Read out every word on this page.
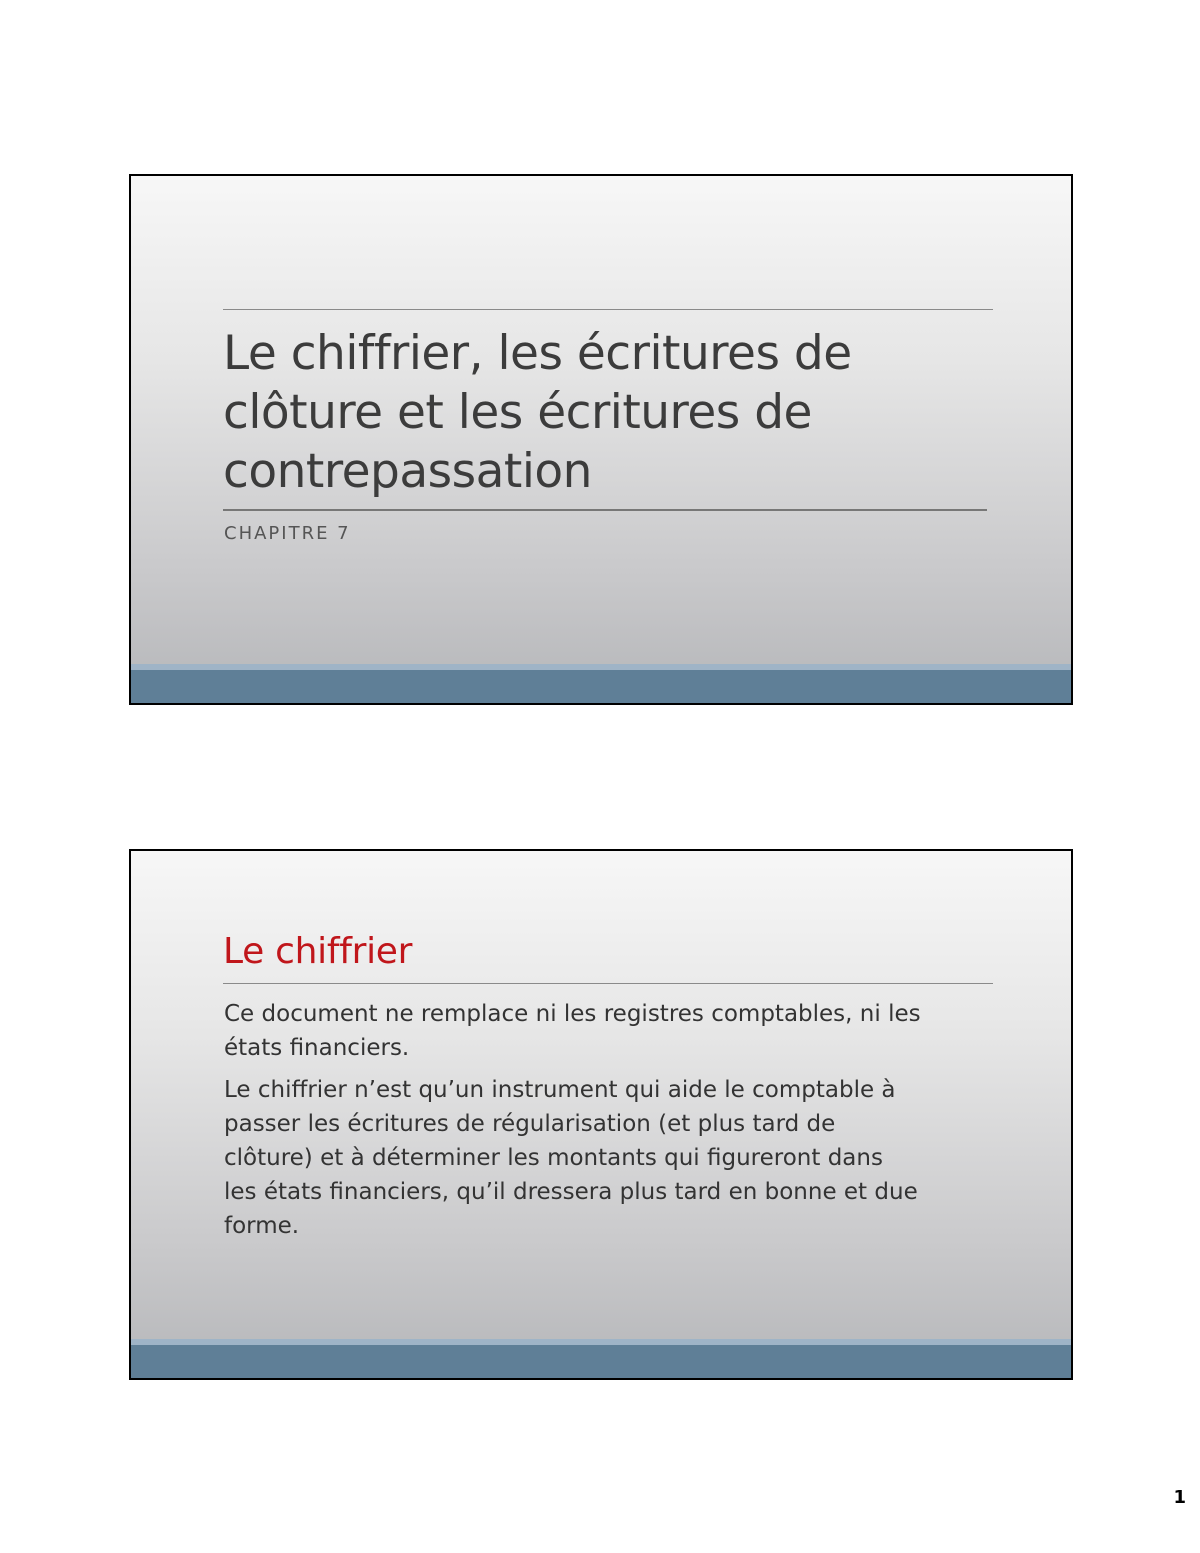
Le chiffrier, les écritures de
clôture et les écritures de
contrepassation

CHAPITRE 7

Le chiffrier

Ce document ne remplace ni les registres comptables, ni les
états financiers.

Le chiffrier n’est qu’un instrument qui aide le comptable à
passer les écritures de régularisation (et plus tard de
clôture) et à déterminer les montants qui figureront dans
les états financiers, qu’il dressera plus tard en bonne et due
forme.

1
